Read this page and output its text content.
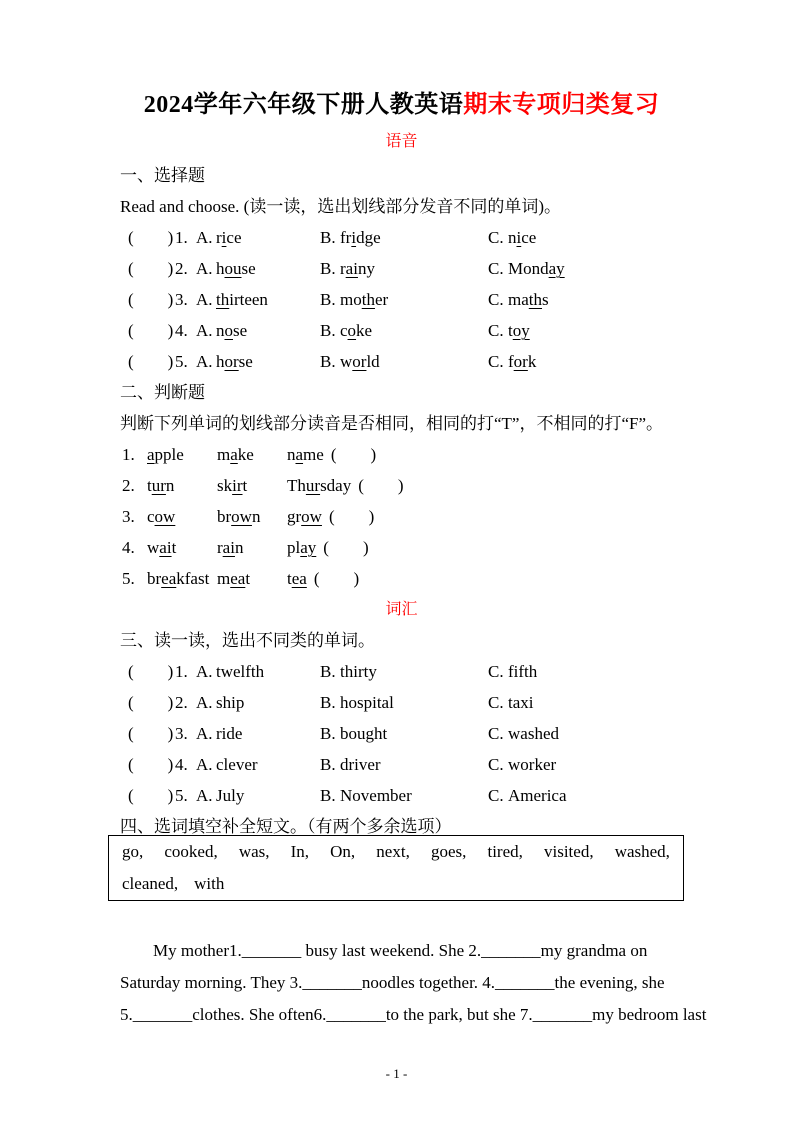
2024学年六年级下册人教英语期末专项归类复习
语音
一、选择题
Read and choose. (读一读，选出划线部分发音不同的单词)。
(  ) 1. A. rice	B. fridge	C. nice
(  ) 2. A. house	B. rainy	C. Monday
(  ) 3. A. thirteen	B. mother	C. maths
(  ) 4. A. nose	B. coke	C. toy
(  ) 5. A. horse	B. world	C. fork
二、判断题
判断下列单词的划线部分读音是否相同，相同的打“T”，不相同的打“F”。
1. apple	make	name (  )
2. turn	skirt	Thursday (  )
3. cow	brown	grow (  )
4. wait	rain	play (  )
5. breakfast meat	tea (  )
词汇
三、读一读，选出不同类的单词。
(  ) 1. A. twelfth	B. thirty	C. fifth
(  ) 2. A. ship	B. hospital	C. taxi
(  ) 3. A. ride	B. bought	C. washed
(  ) 4. A. clever	B. driver	C. worker
(  ) 5. A. July	B. November	C. America
四、选词填空补全短文。（有两个多余选项）
go, cooked, was, In, On, next, goes, tired, visited, washed,
cleaned, with
My mother1._______ busy last weekend. She 2._______my grandma on
Saturday morning. They 3._______noodles together. 4._______the evening, she
5._______clothes. She often6._______to the park, but she 7._______my bedroom last
- 1 -
